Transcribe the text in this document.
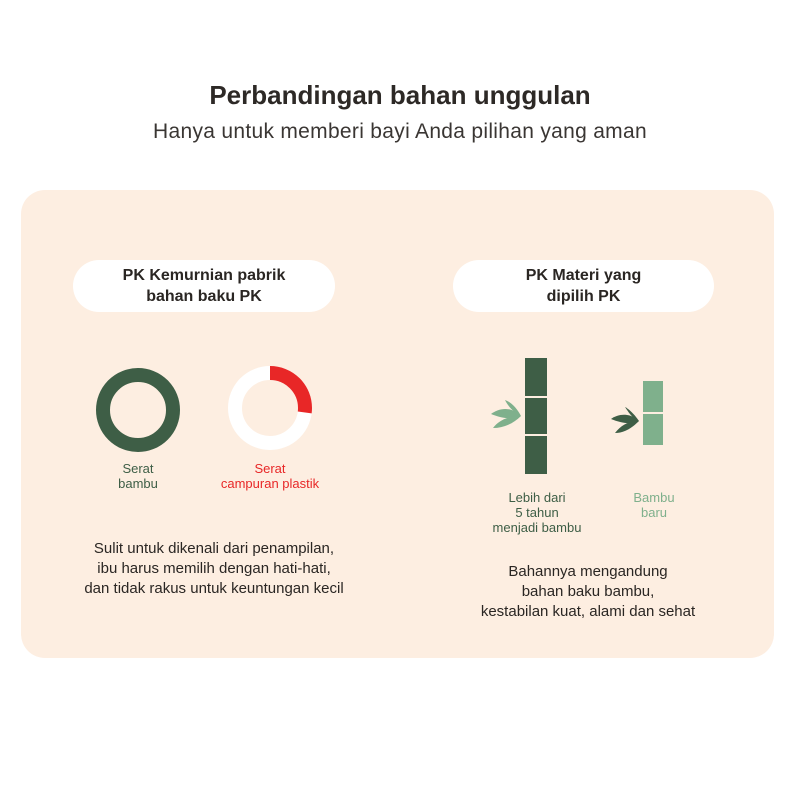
Perbandingan bahan unggulan

Hanya untuk memberi bayi Anda pilihan yang aman

PK Kemurnian pabrik
bahan baku PK
Serat
bambu
Serat
campuran plastik
Sulit untuk dikenali dari penampilan,
ibu harus memilih dengan hati-hati,
dan tidak rakus untuk keuntungan kecil
PK Materi yang
dipilih PK
Lebih dari
5 tahun
menjadi bambu
Bambu
baru
Bahannya mengandung
bahan baku bambu,
kestabilan kuat, alami dan sehat
